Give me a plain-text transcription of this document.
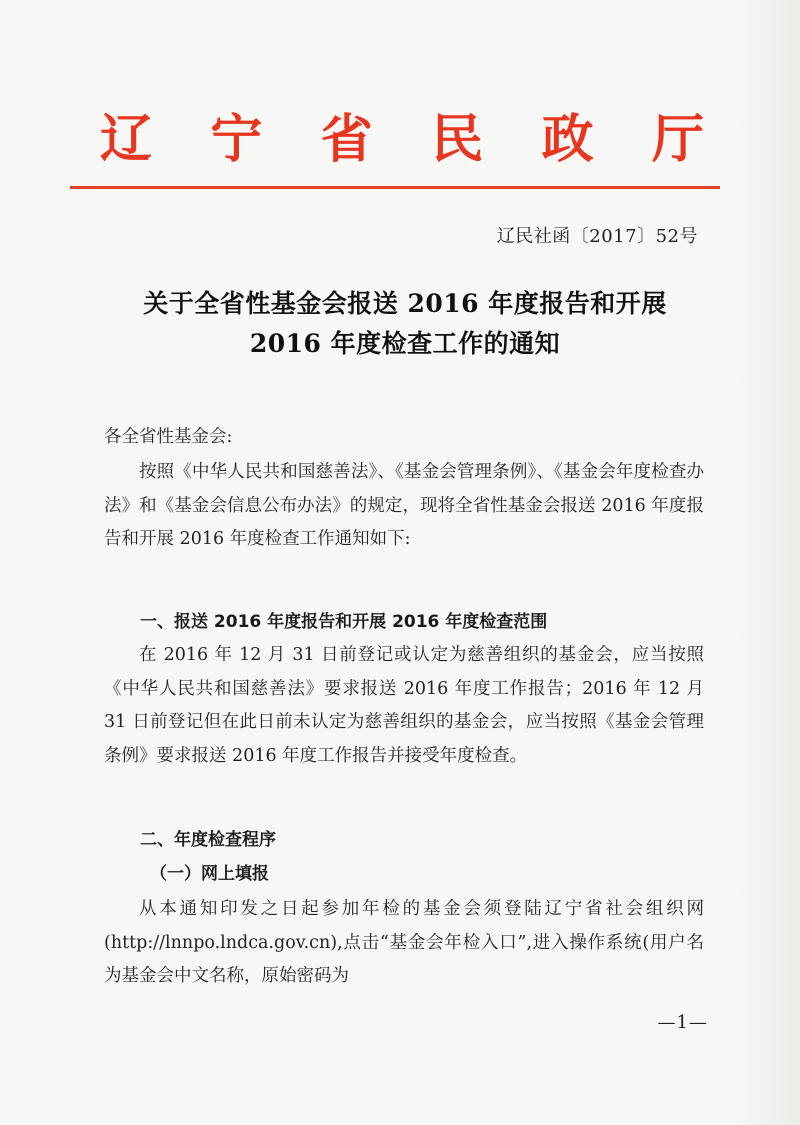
辽宁省民政厅
辽民社函〔2017〕52号
关于全省性基金会报送 2016 年度报告和开展
2016 年度检查工作的通知
各全省性基金会:

按照《中华人民共和国慈善法》、《基金会管理条例》、《基金会年度检查办法》和《基金会信息公布办法》的规定，现将全省性基金会报送 2016 年度报告和开展 2016 年度检查工作通知如下:

一、报送 2016 年度报告和开展 2016 年度检查范围

在 2016 年 12 月 31 日前登记或认定为慈善组织的基金会，应当按照《中华人民共和国慈善法》要求报送 2016 年度工作报告；2016 年 12 月 31 日前登记但在此日前未认定为慈善组织的基金会，应当按照《基金会管理条例》要求报送 2016 年度工作报告并接受年度检查。

二、年度检查程序
（一）网上填报

从本通知印发之日起参加年检的基金会须登陆辽宁省社会组织网(http://lnnpo.lndca.gov.cn),点击“基金会年检入口”,进入操作系统(用户名为基金会中文名称，原始密码为

—1—
